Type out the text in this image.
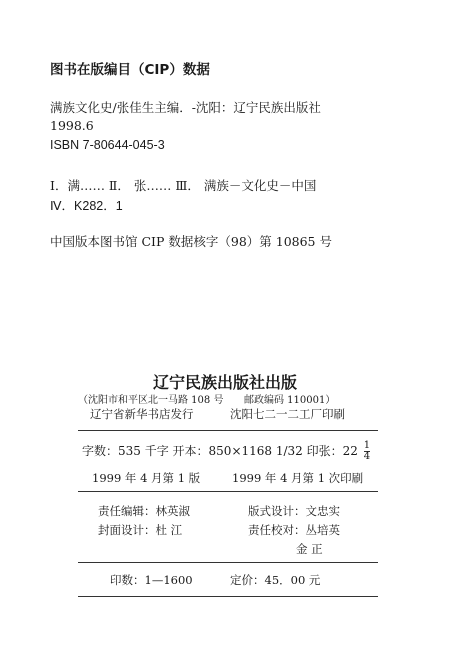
图书在版编目（CIP）数据
满族文化史/张佳生主编．-沈阳：辽宁民族出版社
1998.6
ISBN 7-80644-045-3
Ⅰ．满…… Ⅱ． 张…… Ⅲ． 满族－文化史－中国
Ⅳ．K282．1
中国版本图书馆 CIP 数据核字（98）第 10865 号
辽宁民族出版社出版
（沈阳市和平区北一马路 108 号 邮政编码 110001）
辽宁省新华书店发行	沈阳七二一二工厂印刷
字数：535 千字 开本：850×1168 1/32 印张：$22 \frac{1}{4}$
1999 年 4 月第 1 版	1999 年 4 月第 1 次印刷
责任编辑：林英淑	版式设计：文忠实
封面设计：杜 江	责任校对：丛培英
金 正
印数：1—1600	定价：45．00 元
